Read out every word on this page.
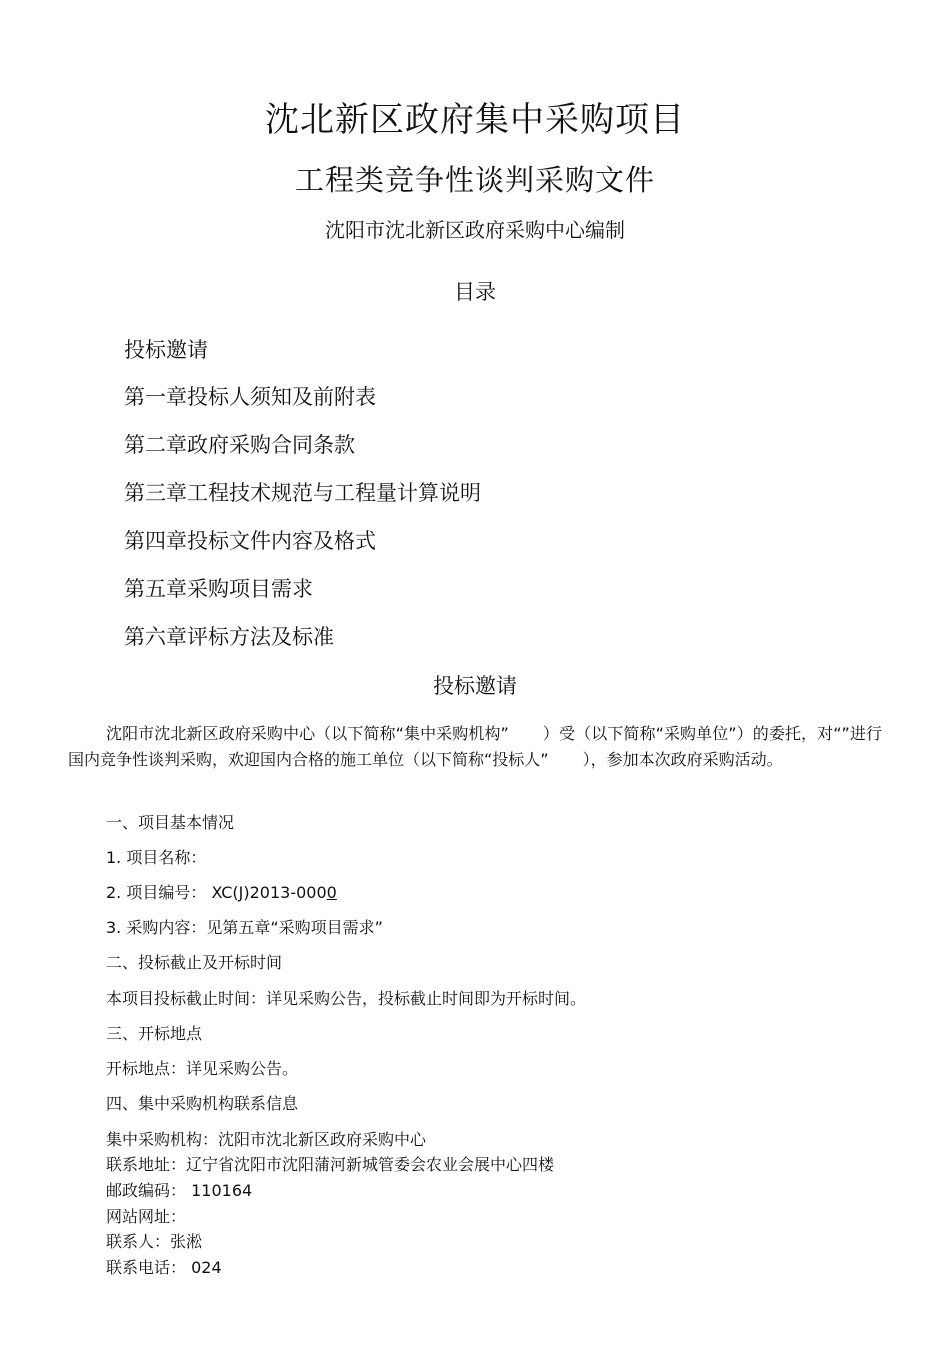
沈北新区政府集中采购项目
工程类竞争性谈判采购文件
沈阳市沈北新区政府采购中心编制
目录
投标邀请
第一章投标人须知及前附表
第二章政府采购合同条款
第三章工程技术规范与工程量计算说明
第四章投标文件内容及格式
第五章采购项目需求
第六章评标方法及标准
投标邀请
沈阳市沈北新区政府采购中心（以下简称“集中采购机构” ）受（以下简称“采购单位”）的委托，对“”进行国内竞争性谈判采购，欢迎国内合格的施工单位（以下简称“投标人” ），参加本次政府采购活动。
一、项目基本情况
1. 项目名称：
2. 项目编号： XC(J)2013-0000
3. 采购内容：见第五章“采购项目需求”
二、投标截止及开标时间
本项目投标截止时间：详见采购公告，投标截止时间即为开标时间。
三、开标地点
开标地点：详见采购公告。
四、集中采购机构联系信息
集中采购机构：沈阳市沈北新区政府采购中心
联系地址：辽宁省沈阳市沈阳蒲河新城管委会农业会展中心四楼
邮政编码： 110164
网站网址：
联系人：张淞
联系电话： 024
